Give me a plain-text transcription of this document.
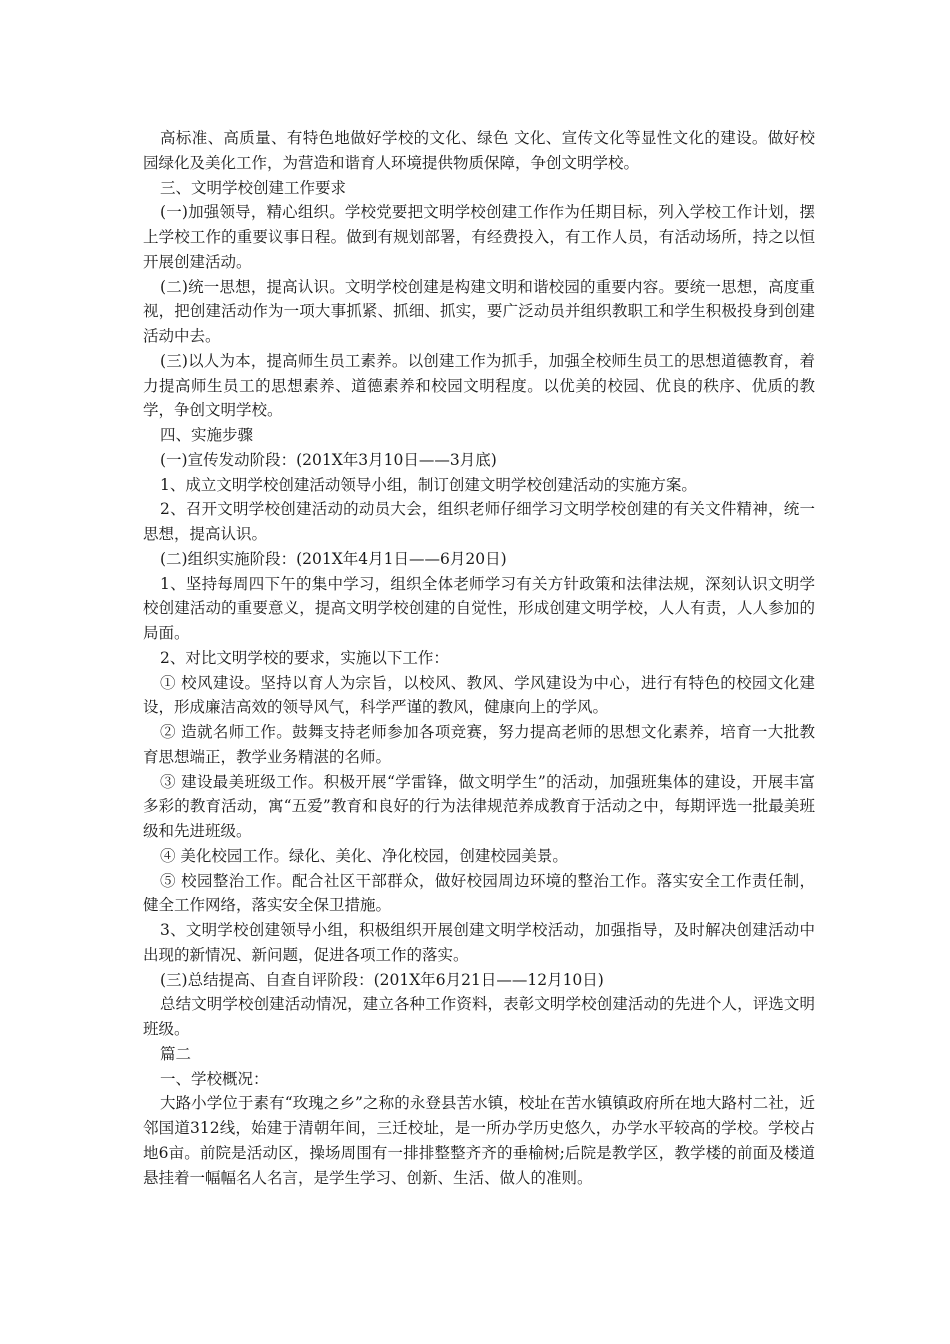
高标准、高质量、有特色地做好学校的文化、绿色 文化、宣传文化等显性文化的建设。做好校园绿化及美化工作，为营造和谐育人环境提供物质保障，争创文明学校。

三、文明学校创建工作要求

(一)加强领导，精心组织。学校党要把文明学校创建工作作为任期目标，列入学校工作计划，摆上学校工作的重要议事日程。做到有规划部署，有经费投入，有工作人员，有活动场所，持之以恒开展创建活动。

(二)统一思想，提高认识。文明学校创建是构建文明和谐校园的重要内容。要统一思想，高度重视，把创建活动作为一项大事抓紧、抓细、抓实，要广泛动员并组织教职工和学生积极投身到创建活动中去。

(三)以人为本，提高师生员工素养。以创建工作为抓手，加强全校师生员工的思想道德教育，着力提高师生员工的思想素养、道德素养和校园文明程度。以优美的校园、优良的秩序、优质的教学，争创文明学校。

四、实施步骤

(一)宣传发动阶段：(201X年3月10日——3月底)

1、成立文明学校创建活动领导小组，制订创建文明学校创建活动的实施方案。

2、召开文明学校创建活动的动员大会，组织老师仔细学习文明学校创建的有关文件精神，统一思想，提高认识。

(二)组织实施阶段：(201X年4月1日——6月20日)

1、坚持每周四下午的集中学习，组织全体老师学习有关方针政策和法律法规，深刻认识文明学校创建活动的重要意义，提高文明学校创建的自觉性，形成创建文明学校，人人有责，人人参加的局面。

2、对比文明学校的要求，实施以下工作：

① 校风建设。坚持以育人为宗旨，以校风、教风、学风建设为中心，进行有特色的校园文化建设，形成廉洁高效的领导风气，科学严谨的教风，健康向上的学风。

② 造就名师工作。鼓舞支持老师参加各项竞赛，努力提高老师的思想文化素养，培育一大批教育思想端正，教学业务精湛的名师。

③ 建设最美班级工作。积极开展“学雷锋，做文明学生”的活动，加强班集体的建设，开展丰富多彩的教育活动，寓“五爱”教育和良好的行为法律规范养成教育于活动之中，每期评选一批最美班级和先进班级。

④ 美化校园工作。绿化、美化、净化校园，创建校园美景。

⑤ 校园整治工作。配合社区干部群众，做好校园周边环境的整治工作。落实安全工作责任制，健全工作网络，落实安全保卫措施。

3、文明学校创建领导小组，积极组织开展创建文明学校活动，加强指导，及时解决创建活动中出现的新情况、新问题，促进各项工作的落实。

(三)总结提高、自查自评阶段：(201X年6月21日——12月10日)

总结文明学校创建活动情况，建立各种工作资料，表彰文明学校创建活动的先进个人，评选文明班级。

篇二

一、学校概况：

大路小学位于素有“玫瑰之乡”之称的永登县苦水镇，校址在苦水镇镇政府所在地大路村二社，近邻国道312线，始建于清朝年间，三迁校址，是一所办学历史悠久，办学水平较高的学校。学校占地6亩。前院是活动区，操场周围有一排排整整齐齐的垂榆树;后院是教学区，教学楼的前面及楼道悬挂着一幅幅名人名言，是学生学习、创新、生活、做人的准则。
